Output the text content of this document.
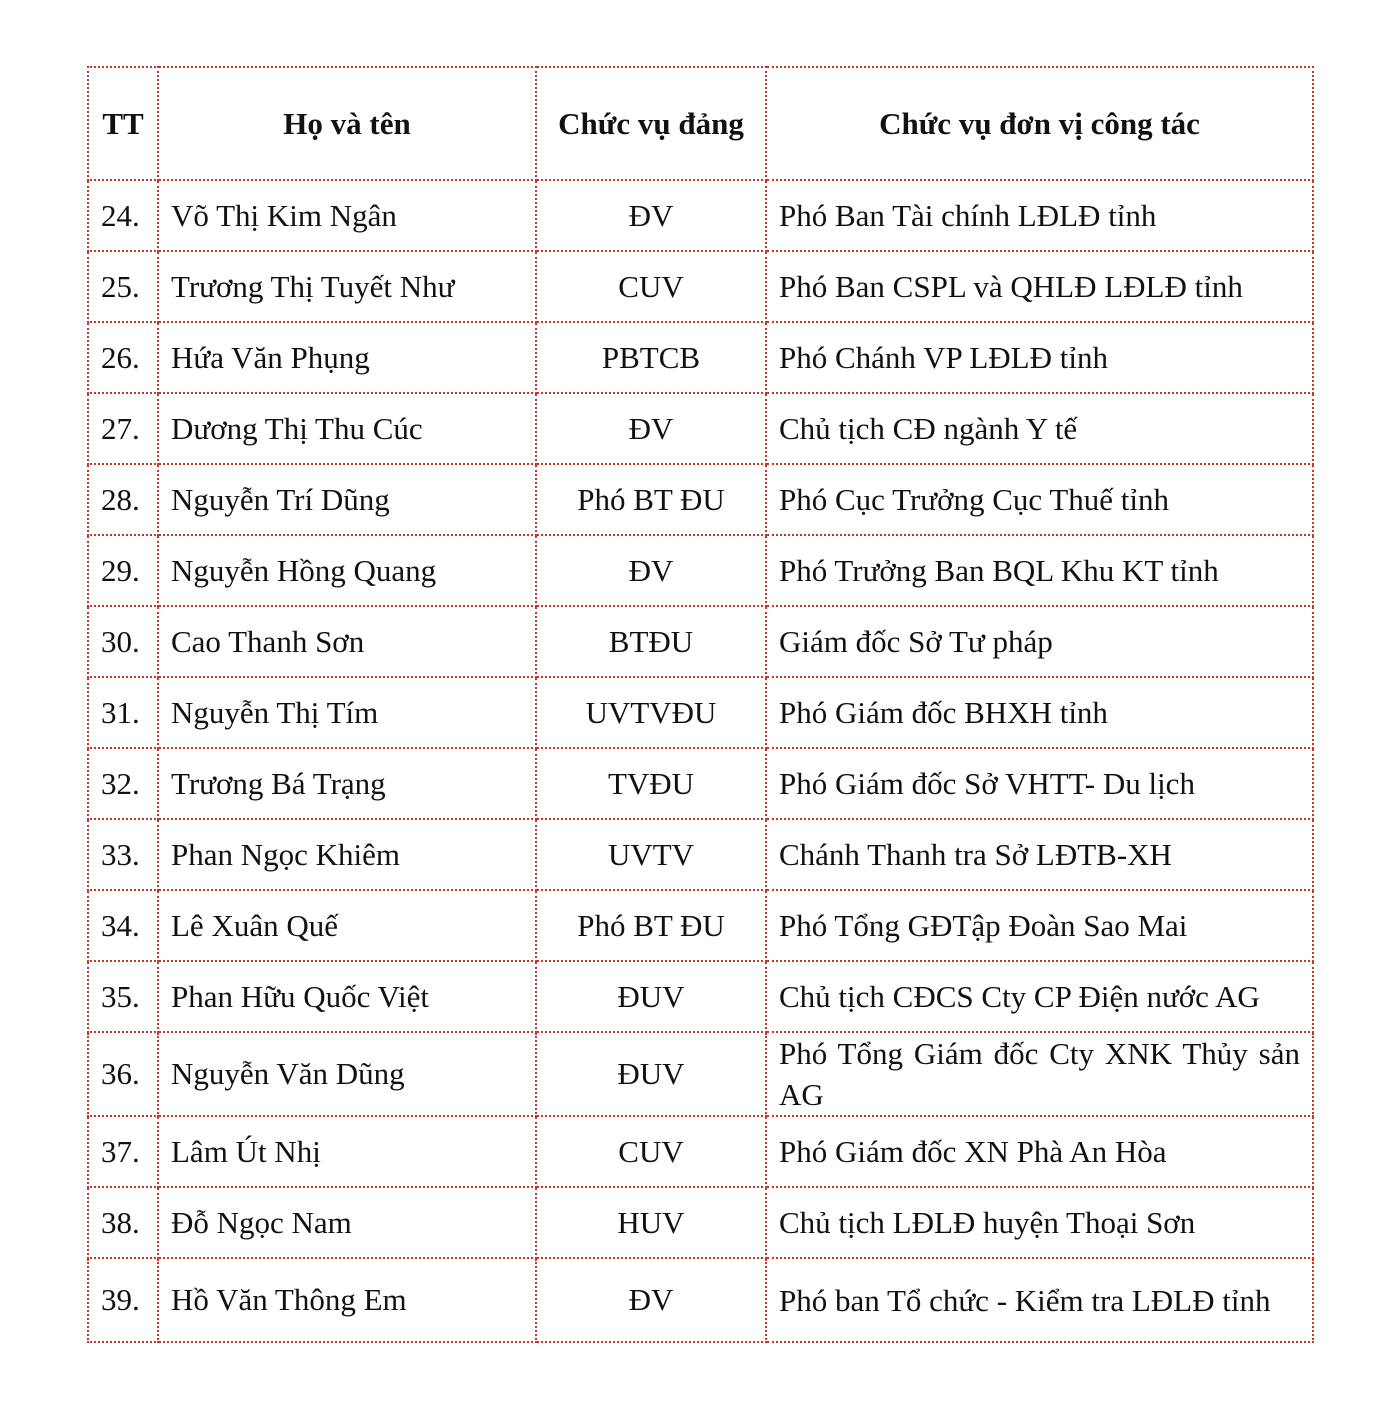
TT	Họ và tên	Chức vụ đảng	Chức vụ đơn vị công tác
24.	Võ Thị Kim Ngân	ĐV	Phó Ban Tài chính LĐLĐ tỉnh
25.	Trương Thị Tuyết Như	CUV	Phó Ban CSPL và QHLĐ LĐLĐ tỉnh
26.	Hứa Văn Phụng	PBTCB	Phó Chánh VP LĐLĐ tỉnh
27.	Dương Thị Thu Cúc	ĐV	Chủ tịch CĐ ngành Y tế
28.	Nguyễn Trí Dũng	Phó BT ĐU	Phó Cục Trưởng Cục Thuế tỉnh
29.	Nguyễn Hồng Quang	ĐV	Phó Trưởng Ban BQL Khu KT tỉnh
30.	Cao Thanh Sơn	BTĐU	Giám đốc Sở Tư pháp
31.	Nguyễn Thị Tím	UVTVĐU	Phó Giám đốc BHXH tỉnh
32.	Trương Bá Trạng	TVĐU	Phó Giám đốc Sở VHTT- Du lịch
33.	Phan Ngọc Khiêm	UVTV	Chánh Thanh tra Sở LĐTB-XH
34.	Lê Xuân Quế	Phó BT ĐU	Phó Tổng GĐTập Đoàn Sao Mai
35.	Phan Hữu Quốc Việt	ĐUV	Chủ tịch CĐCS Cty CP Điện nước AG
36.	Nguyễn Văn Dũng	ĐUV	Phó Tổng Giám đốc Cty XNK Thủy sản AG
37.	Lâm Út Nhị	CUV	Phó Giám đốc XN Phà An Hòa
38.	Đỗ Ngọc Nam	HUV	Chủ tịch LĐLĐ huyện Thoại Sơn
39.	Hồ Văn Thông Em	ĐV	Phó ban Tổ chức - Kiểm tra LĐLĐ tỉnh
